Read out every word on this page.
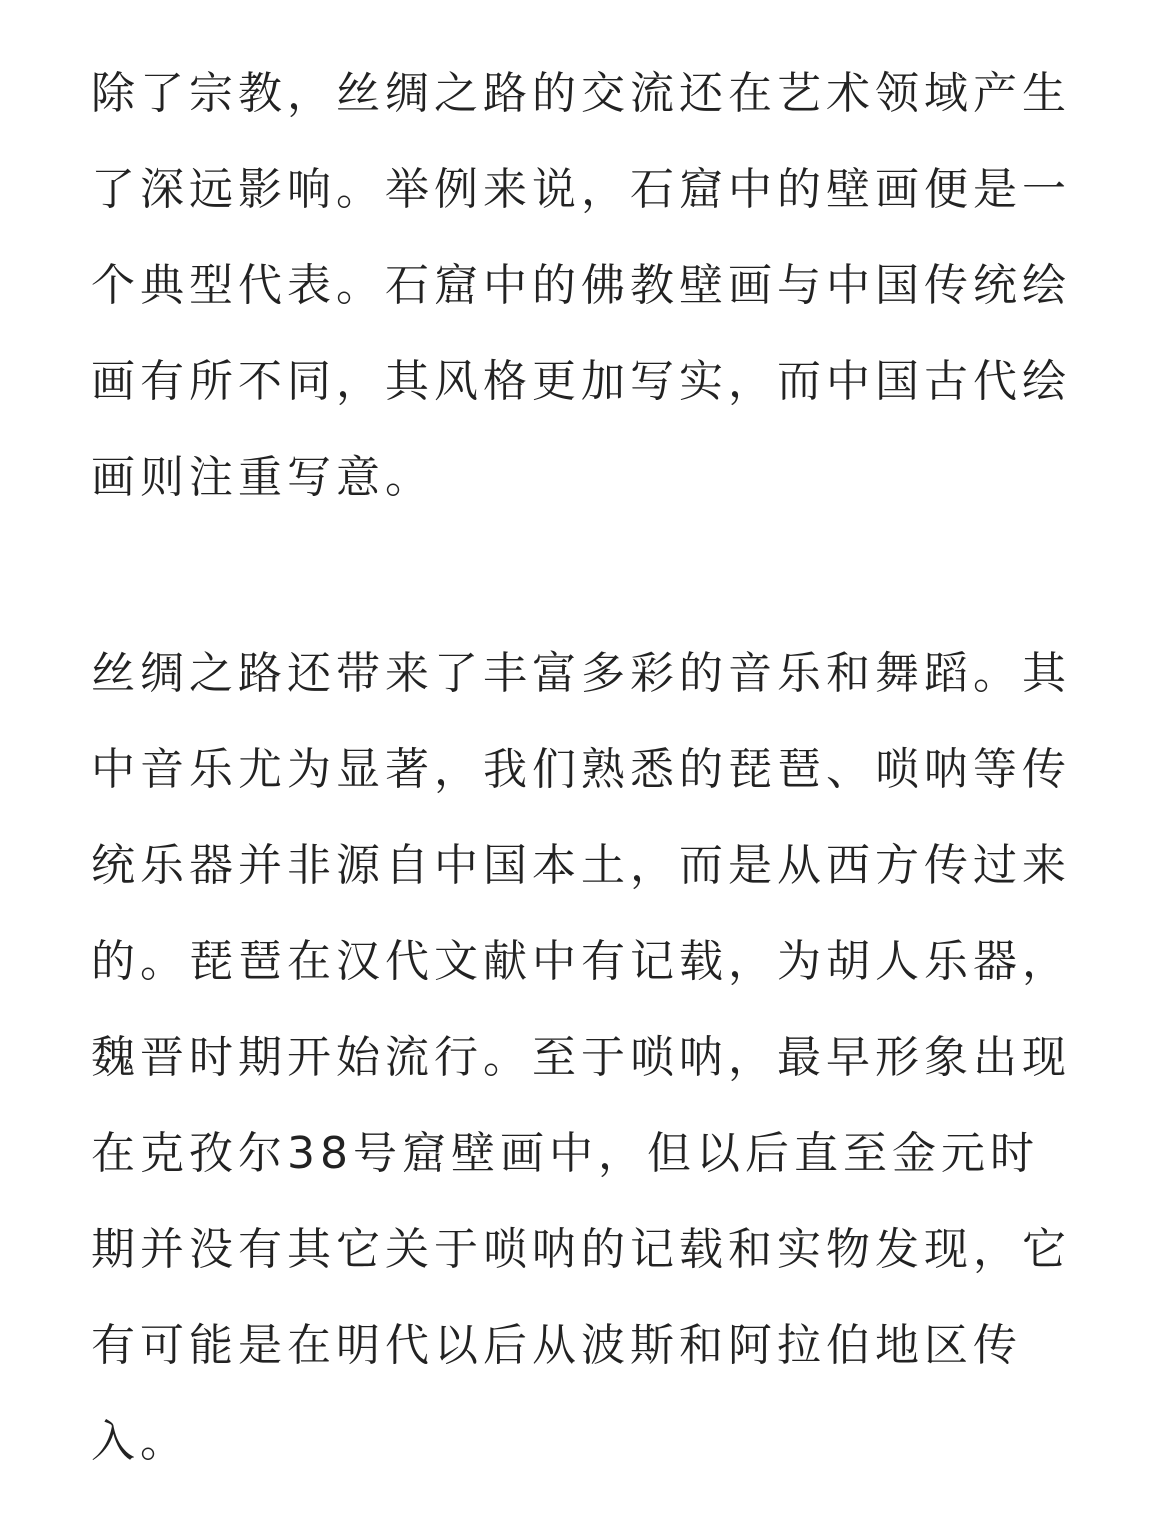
除了宗教，丝绸之路的交流还在艺术领域产生
了深远影响。举例来说，石窟中的壁画便是一
个典型代表。石窟中的佛教壁画与中国传统绘
画有所不同，其风格更加写实，而中国古代绘
画则注重写意。

丝绸之路还带来了丰富多彩的音乐和舞蹈。其
中音乐尤为显著，我们熟悉的琵琶、唢呐等传
统乐器并非源自中国本土，而是从西方传过来
的。琵琶在汉代文献中有记载，为胡人乐器，
魏晋时期开始流行。至于唢呐，最早形象出现
在克孜尔38号窟壁画中，但以后直至金元时
期并没有其它关于唢呐的记载和实物发现，它
有可能是在明代以后从波斯和阿拉伯地区传
入。
